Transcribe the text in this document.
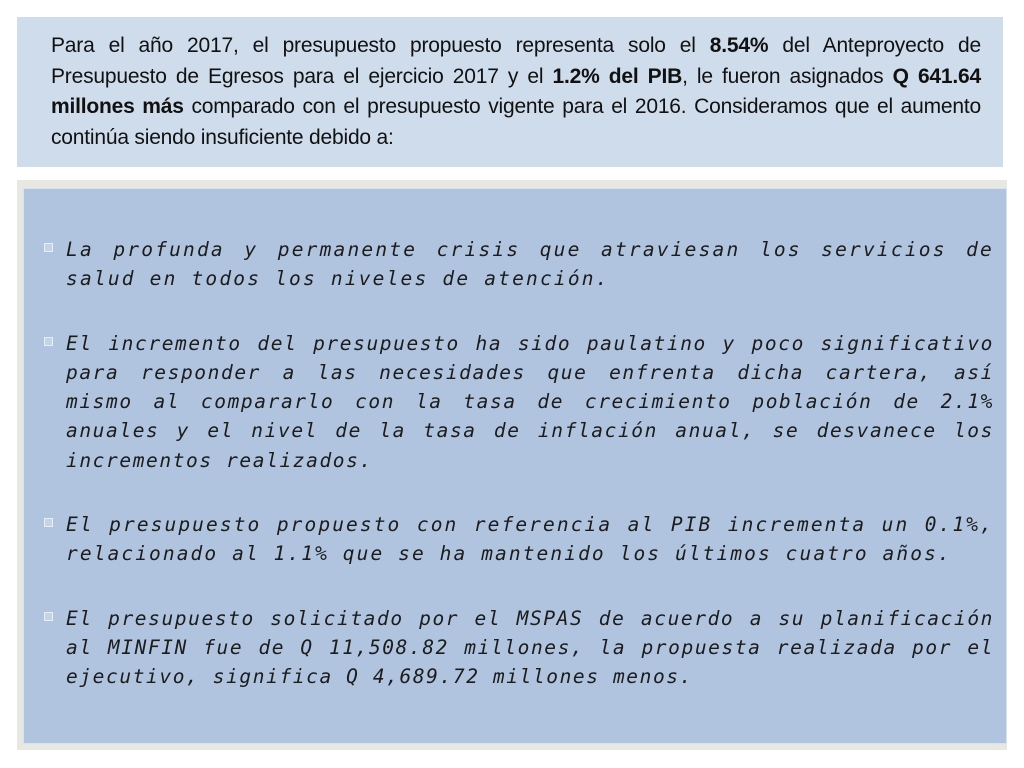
Para el año 2017, el presupuesto propuesto representa solo el 8.54% del Anteproyecto de Presupuesto de Egresos para el ejercicio 2017 y el 1.2% del PIB, le fueron asignados Q 641.64 millones más comparado con el presupuesto vigente para el 2016. Consideramos que el aumento continúa siendo insuficiente debido a:

La profunda y permanente crisis que atraviesan los servicios de salud en todos los niveles de atención.
El incremento del presupuesto ha sido paulatino y poco significativo para responder a las necesidades que enfrenta dicha cartera, así mismo al compararlo con la tasa de crecimiento población de 2.1% anuales y el nivel de la tasa de inflación anual, se desvanece los incrementos realizados.
El presupuesto propuesto con referencia al PIB incrementa un 0.1%, relacionado al 1.1% que se ha mantenido los últimos cuatro años.
El presupuesto solicitado por el MSPAS de acuerdo a su planificación al MINFIN fue de Q 11,508.82 millones, la propuesta realizada por el ejecutivo, significa Q 4,689.72 millones menos.
